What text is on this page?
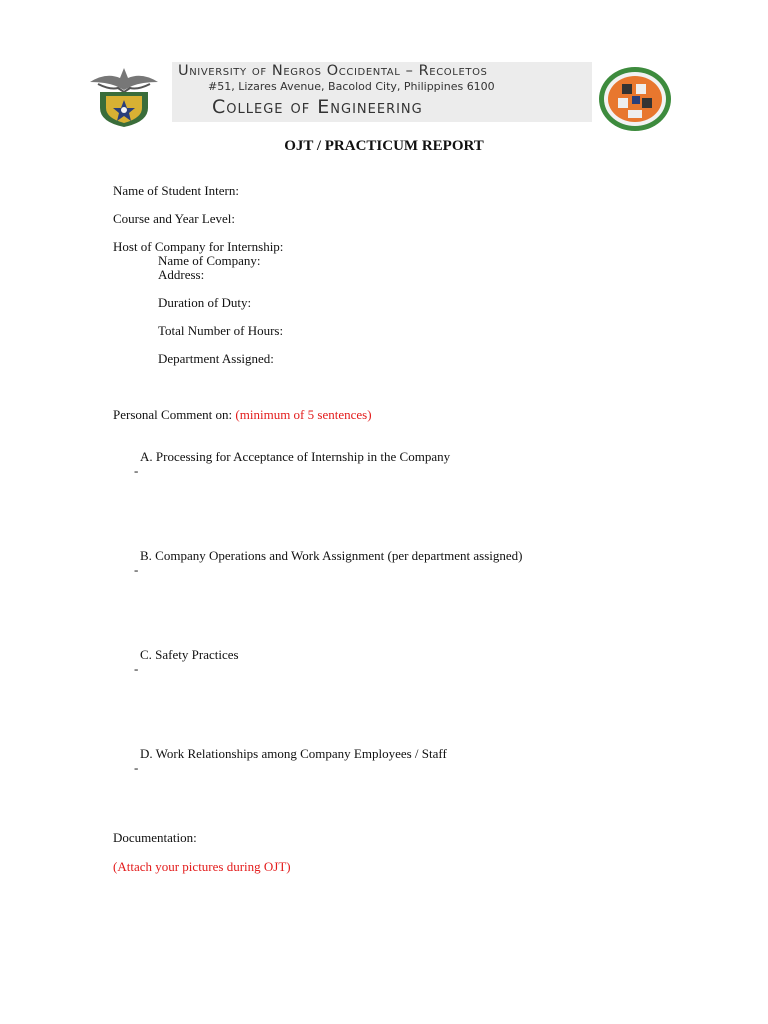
University of Negros Occidental – Recoletos
#51, Lizares Avenue, Bacolod City, Philippines 6100
College of Engineering
OJT / PRACTICUM REPORT
Name of Student Intern:
Course and Year Level:
Host of Company for Internship:
Name of Company:
Address:
Duration of Duty:
Total Number of Hours:
Department Assigned:
Personal Comment on: (minimum of 5 sentences)
A. Processing for Acceptance of Internship in the Company
-
B. Company Operations and Work Assignment (per department assigned)
-
C. Safety Practices
-
D. Work Relationships among Company Employees / Staff
-
Documentation:
(Attach your pictures during OJT)
